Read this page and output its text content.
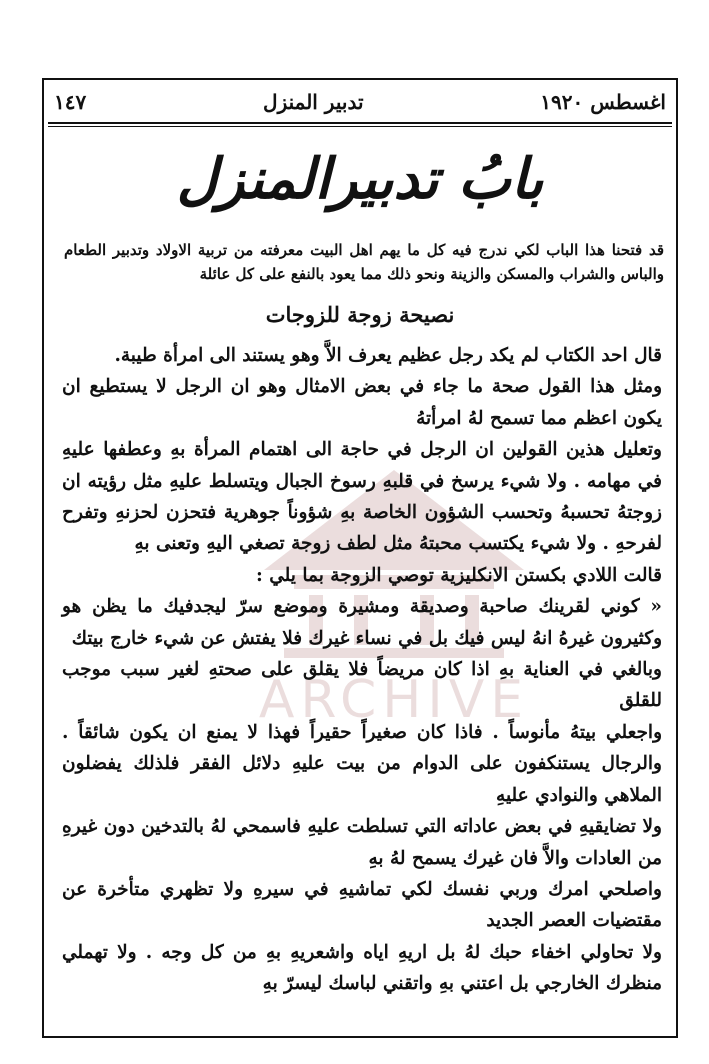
اغسطس ١٩٢٠
تدبير المنزل
١٤٧
بابُ تدبيرالمنزل
قد فتحنا هذا الباب لكي ندرج فيه كل ما يهم اهل البيت معرفته من تربية الاولاد وتدبير الطعام والباس والشراب والمسكن والزينة ونحو ذلك مما يعود بالنفع على كل عائلة
نصيحة زوجة للزوجات
ARCHIVE

قال احد الكتاب لم يكد رجل عظيم يعرف الاَّ وهو يستند الى امرأة طيبة.

ومثل هذا القول صحة ما جاء في بعض الامثال وهو ان الرجل لا يستطيع ان يكون اعظم مما تسمح لهُ امرأتهُ

وتعليل هذين القولين ان الرجل في حاجة الى اهتمام المرأة بهِ وعطفها عليهِ في مهامه . ولا شيء يرسخ في قلبهِ رسوخ الجبال ويتسلط عليهِ مثل رؤيته ان زوجتهُ تحسبهُ وتحسب الشؤون الخاصة بهِ شؤوناً جوهرية فتحزن لحزنهِ وتفرح لفرحهِ . ولا شيء يكتسب محبتهُ مثل لطف زوجة تصغي اليهِ وتعنى بهِ

قالت اللادي بكستن الانكليزية توصي الزوجة بما يلي :

« كوني لقرينك صاحبة وصديقة ومشيرة وموضع سرّ ليجدفيك ما يظن هو وكثيرون غيرهُ انهُ ليس فيك بل في نساء غيرك فلا يفتش عن شيء خارج بيتك

وبالغي في العناية بهِ اذا كان مريضاً فلا يقلق على صحتهِ لغير سبب موجب للقلق

واجعلي بيتهُ مأنوساً . فاذا كان صغيراً حقيراً فهذا لا يمنع ان يكون شائقاً . والرجال يستنكفون على الدوام من بيت عليهِ دلائل الفقر فلذلك يفضلون الملاهي والنوادي عليهِ

ولا تضايقيهِ في بعض عاداته التي تسلطت عليهِ فاسمحي لهُ بالتدخين دون غيرهِ من العادات والاَّ فان غيرك يسمح لهُ بهِ

واصلحي امرك وربي نفسك لكي تماشيهِ في سيرهِ ولا تظهري متأخرة عن مقتضيات العصر الجديد

ولا تحاولي اخفاء حبك لهُ بل اريهِ اياه واشعريهِ بهِ من كل وجه . ولا تهملي منظرك الخارجي بل اعتني بهِ واتقني لباسك ليسرّ بهِ
